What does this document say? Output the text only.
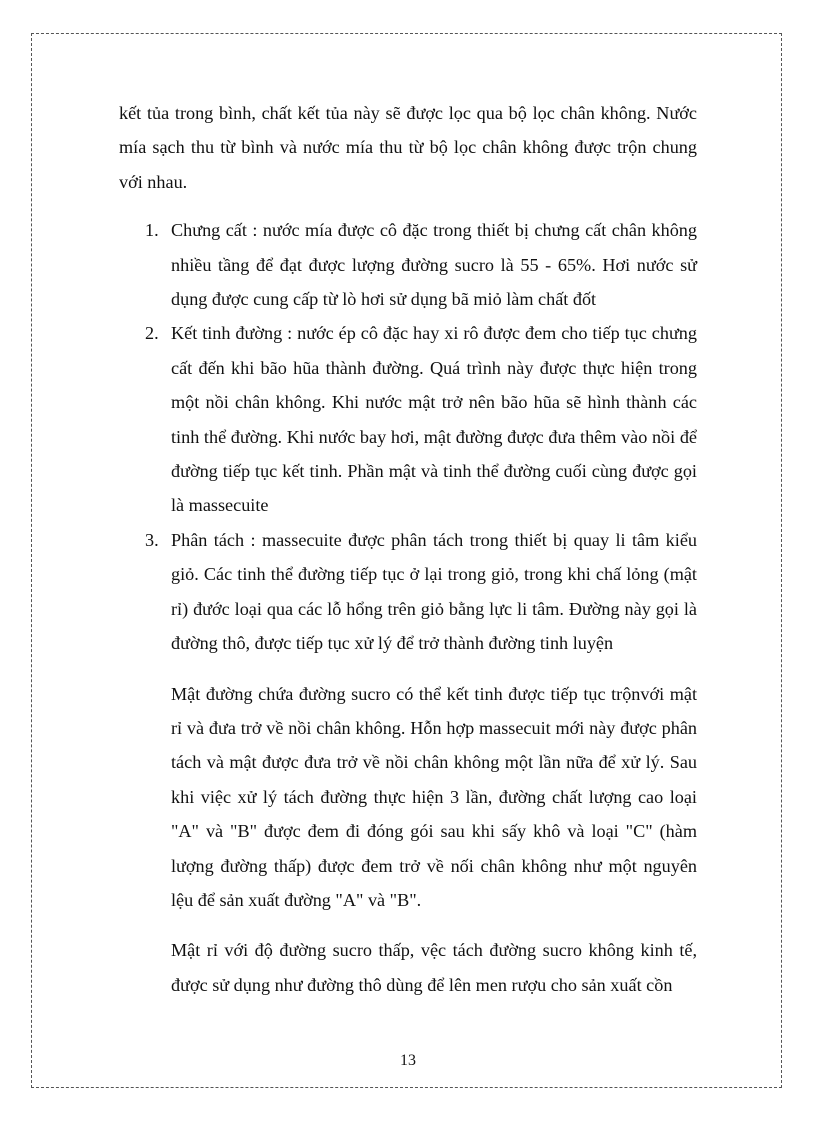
kết tủa trong bình, chất kết tủa này sẽ được lọc qua bộ lọc chân không. Nước mía sạch thu từ bình và nước mía thu từ bộ lọc chân không được trộn chung với nhau.

1. Chưng cất : nước mía được cô đặc trong thiết bị chưng cất chân không nhiều tầng để đạt được lượng đường sucro là 55 - 65%. Hơi nước sử dụng được cung cấp từ lò hơi sử dụng bã miỏ làm chất đốt
2. Kết tinh đường : nước ép cô đặc hay xi rô được đem cho tiếp tục chưng cất đến khi bão hũa thành đường. Quá trình này được thực hiện trong một nồi chân không. Khi nước mật trở nên bão hũa sẽ hình thành các tinh thể đường. Khi nước bay hơi, mật đường được đưa thêm vào nồi để đường tiếp tục kết tinh. Phần mật và tinh thể đường cuối cùng được gọi là massecuite
3. Phân tách : massecuite được phân tách trong thiết bị quay li tâm kiểu giỏ. Các tinh thể đường tiếp tục ở lại trong giỏ, trong khi chấ lỏng (mật rỉ) đước loại qua các lỗ hổng trên giỏ bằng lực li tâm. Đường này gọi là đường thô, được tiếp tục xử lý để trở thành đường tinh luyện

Mật đường chứa đường sucro có thể kết tinh được tiếp tục trộnvới mật rỉ và đưa trở về nồi chân không. Hỗn hợp massecuit mới này được phân tách và mật được đưa trở về nồi chân không một lần nữa để xử lý. Sau khi việc xử lý tách đường thực hiện 3 lần, đường chất lượng cao loại "A" và "B" được đem đi đóng gói sau khi sấy khô và loại "C" (hàm lượng đường thấp) được đem trở về nối chân không như một nguyên lệu để sản xuất đường "A" và "B".

Mật rỉ với độ đường sucro thấp, vệc tách đường sucro không kinh tế, được sử dụng như đường thô dùng để lên men rượu cho sản xuất cồn

13
